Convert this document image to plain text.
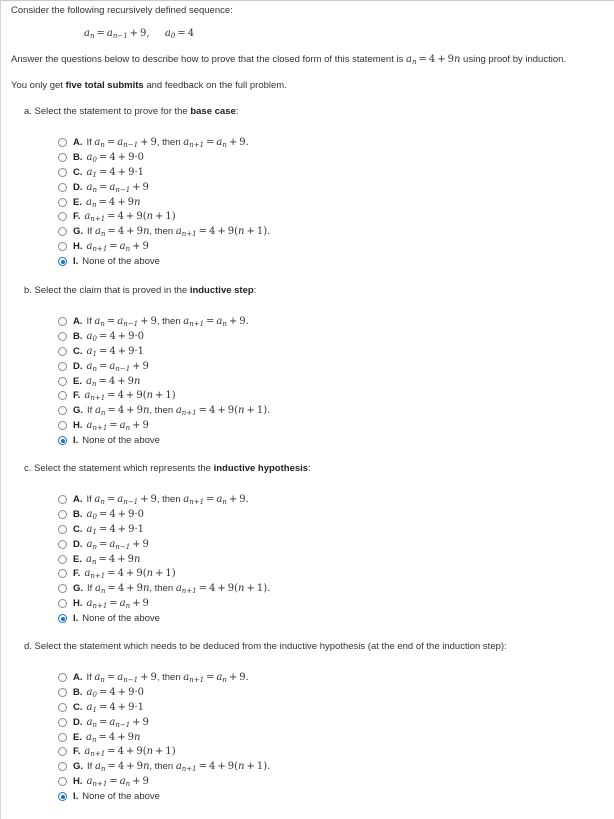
Consider the following recursively defined sequence:
$a_n = a_{n-1} + 9$, $a_0 = 4$
Answer the questions below to describe how to prove that the closed form of this statement is $a_n = 4 + 9n$ using proof by induction.
You only get five total submits and feedback on the full problem.
a. Select the statement to prove for the base case:
A. If $a_n = a_{n-1} + 9$ , then $a_{n+1} = a_n + 9$.
B. $a_0 = 4 + 9\cdot 0$
C. $a_1 = 4 + 9\cdot 1$
D. $a_n = a_{n-1} + 9$
E. $a_n = 4 + 9n$
F. $a_{n+1} = 4 + 9(n + 1)$
G. If $a_n = 4 + 9n$ , then $a_{n+1} = 4 + 9(n + 1)$.
H. $a_{n+1} = a_n + 9$
I. None of the above
b. Select the claim that is proved in the inductive step:
A. If $a_n = a_{n-1} + 9$ , then $a_{n+1} = a_n + 9$.
B. $a_0 = 4 + 9\cdot 0$
C. $a_1 = 4 + 9\cdot 1$
D. $a_n = a_{n-1} + 9$
E. $a_n = 4 + 9n$
F. $a_{n+1} = 4 + 9(n + 1)$
G. If $a_n = 4 + 9n$ , then $a_{n+1} = 4 + 9(n + 1)$.
H. $a_{n+1} = a_n + 9$
I. None of the above
c. Select the statement which represents the inductive hypothesis:
A. If $a_n = a_{n-1} + 9$ , then $a_{n+1} = a_n + 9$.
B. $a_0 = 4 + 9\cdot 0$
C. $a_1 = 4 + 9\cdot 1$
D. $a_n = a_{n-1} + 9$
E. $a_n = 4 + 9n$
F. $a_{n+1} = 4 + 9(n + 1)$
G. If $a_n = 4 + 9n$ , then $a_{n+1} = 4 + 9(n + 1)$.
H. $a_{n+1} = a_n + 9$
I. None of the above
d. Select the statement which needs to be deduced from the inductive hypothesis (at the end of the induction step):
A. If $a_n = a_{n-1} + 9$ , then $a_{n+1} = a_n + 9$.
B. $a_0 = 4 + 9\cdot 0$
C. $a_1 = 4 + 9\cdot 1$
D. $a_n = a_{n-1} + 9$
E. $a_n = 4 + 9n$
F. $a_{n+1} = 4 + 9(n + 1)$
G. If $a_n = 4 + 9n$ , then $a_{n+1} = 4 + 9(n + 1)$.
H. $a_{n+1} = a_n + 9$
I. None of the above
